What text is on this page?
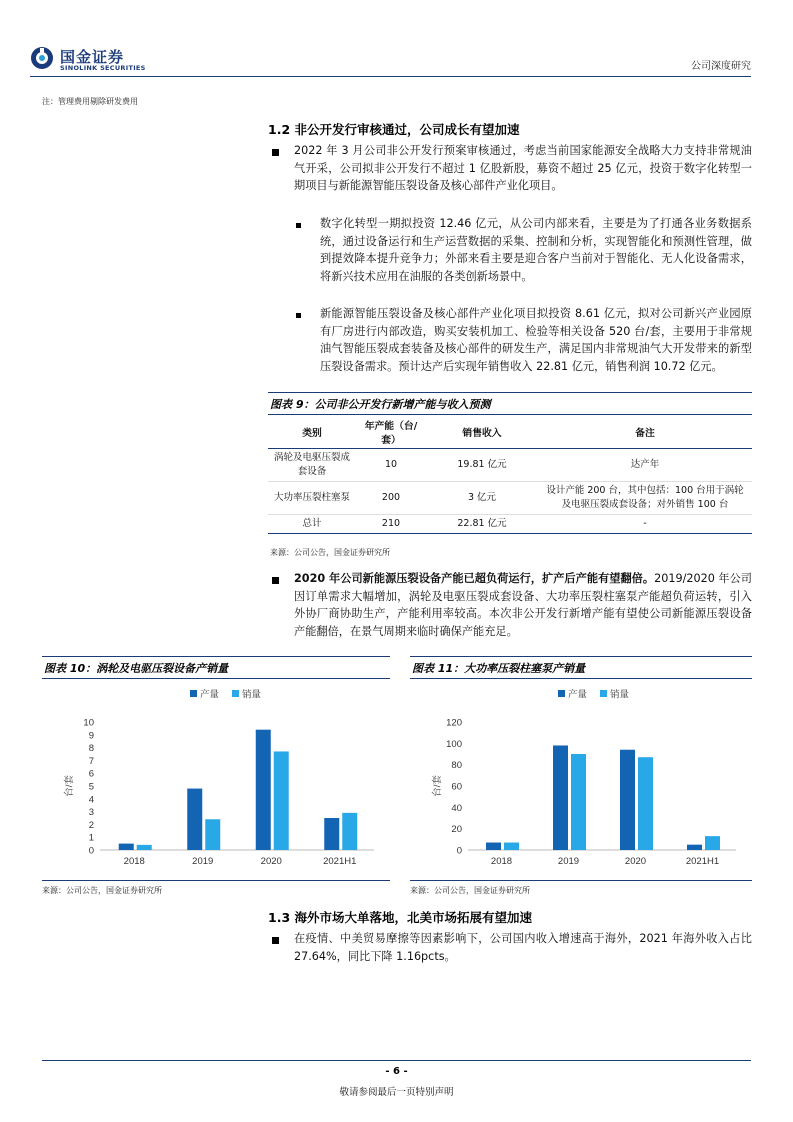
国金证券
SINOLINK SECURITIES	公司深度研究
注：管理费用剔除研发费用
1.2 非公开发行审核通过，公司成长有望加速
2022 年 3 月公司非公开发行预案审核通过，考虑当前国家能源安全战略大力支持非常规油气开采，公司拟非公开发行不超过 1 亿股新股，募资不超过 25 亿元，投资于数字化转型一期项目与新能源智能压裂设备及核心部件产业化项目。
数字化转型一期拟投资 12.46 亿元，从公司内部来看，主要是为了打通各业务数据系统，通过设备运行和生产运营数据的采集、控制和分析，实现智能化和预测性管理，做到提效降本提升竞争力；外部来看主要是迎合客户当前对于智能化、无人化设备需求，将新兴技术应用在油服的各类创新场景中。
新能源智能压裂设备及核心部件产业化项目拟投资 8.61 亿元，拟对公司新兴产业园原有厂房进行内部改造，购买安装机加工、检验等相关设备 520 台/套，主要用于非常规油气智能压裂成套装备及核心部件的研发生产，满足国内非常规油气大开发带来的新型压裂设备需求。预计达产后实现年销售收入 22.81 亿元，销售利润 10.72 亿元。
图表 9：公司非公开发行新增产能与收入预测
类别	年产能（台/套）	销售收入	备注
涡轮及电驱压裂成套设备	10	19.81 亿元	达产年
大功率压裂柱塞泵	200	3 亿元	设计产能 200 台，其中包括：100 台用于涡轮及电驱压裂成套设备；对外销售 100 台
总计	210	22.81 亿元	-
来源：公司公告，国金证券研究所
2020 年公司新能源压裂设备产能已超负荷运行，扩产后产能有望翻倍。2019/2020 年公司因订单需求大幅增加，涡轮及电驱压裂成套设备、大功率压裂柱塞泵产能超负荷运转，引入外协厂商协助生产，产能利用率较高。本次非公开发行新增产能有望使公司新能源压裂设备产能翻倍，在景气周期来临时确保产能充足。
图表 10：涡轮及电驱压裂设备产销量
产量 销量
台/套
0
1
2
3
4
5
6
7
8
9
10
2018	2019	2020	2021H1
来源：公司公告，国金证券研究所
图表 11：大功率压裂柱塞泵产销量
产量 销量
台/套
0
20
40
60
80
100
120
2018	2019	2020	2021H1
来源：公司公告，国金证券研究所
1.3 海外市场大单落地，北美市场拓展有望加速
在疫情、中美贸易摩擦等因素影响下，公司国内收入增速高于海外，2021 年海外收入占比 27.64%，同比下降 1.16pcts。
- 6 -
敬请参阅最后一页特别声明
